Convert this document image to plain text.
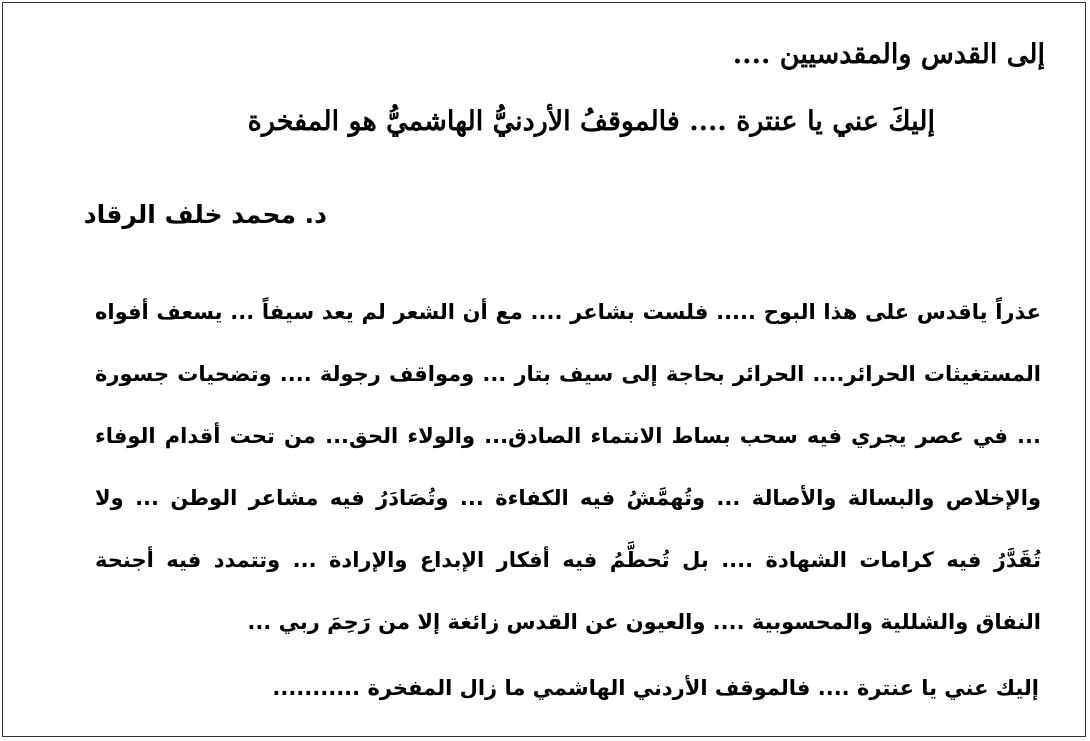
إلى القدس والمقدسيين ....
إليكَ عني يا عنترة .... فالموقفُ الأردنيُّ الهاشميُّ هو المفخرة
د. محمد خلف الرقاد
عذراً ياقدس على هذا البوح ..... فلست بشاعر .... مع أن الشعر لم يعد سيفاً ... يسعف أفواه المستغيثات الحرائر.... الحرائر بحاجة إلى سيف بتار ... ومواقف رجولة .... وتضحيات جسورة ... في عصر يجري فيه سحب بساط الانتماء الصادق... والولاء الحق... من تحت أقدام الوفاء والإخلاص والبسالة والأصالة ... وتُهمَّشُ فيه الكفاءة ... وتُصَادَرُ فيه مشاعر الوطن ... ولا تُقَدَّرُ فيه كرامات الشهادة .... بل تُحطَّمُ فيه أفكار الإبداع والإرادة ... وتتمدد فيه أجنحة النفاق والشللية والمحسوبية .... والعيون عن القدس زائغة إلا من رَحِمَ ربي ...
إليك عني يا عنترة .... فالموقف الأردني الهاشمي ما زال المفخرة ...........
